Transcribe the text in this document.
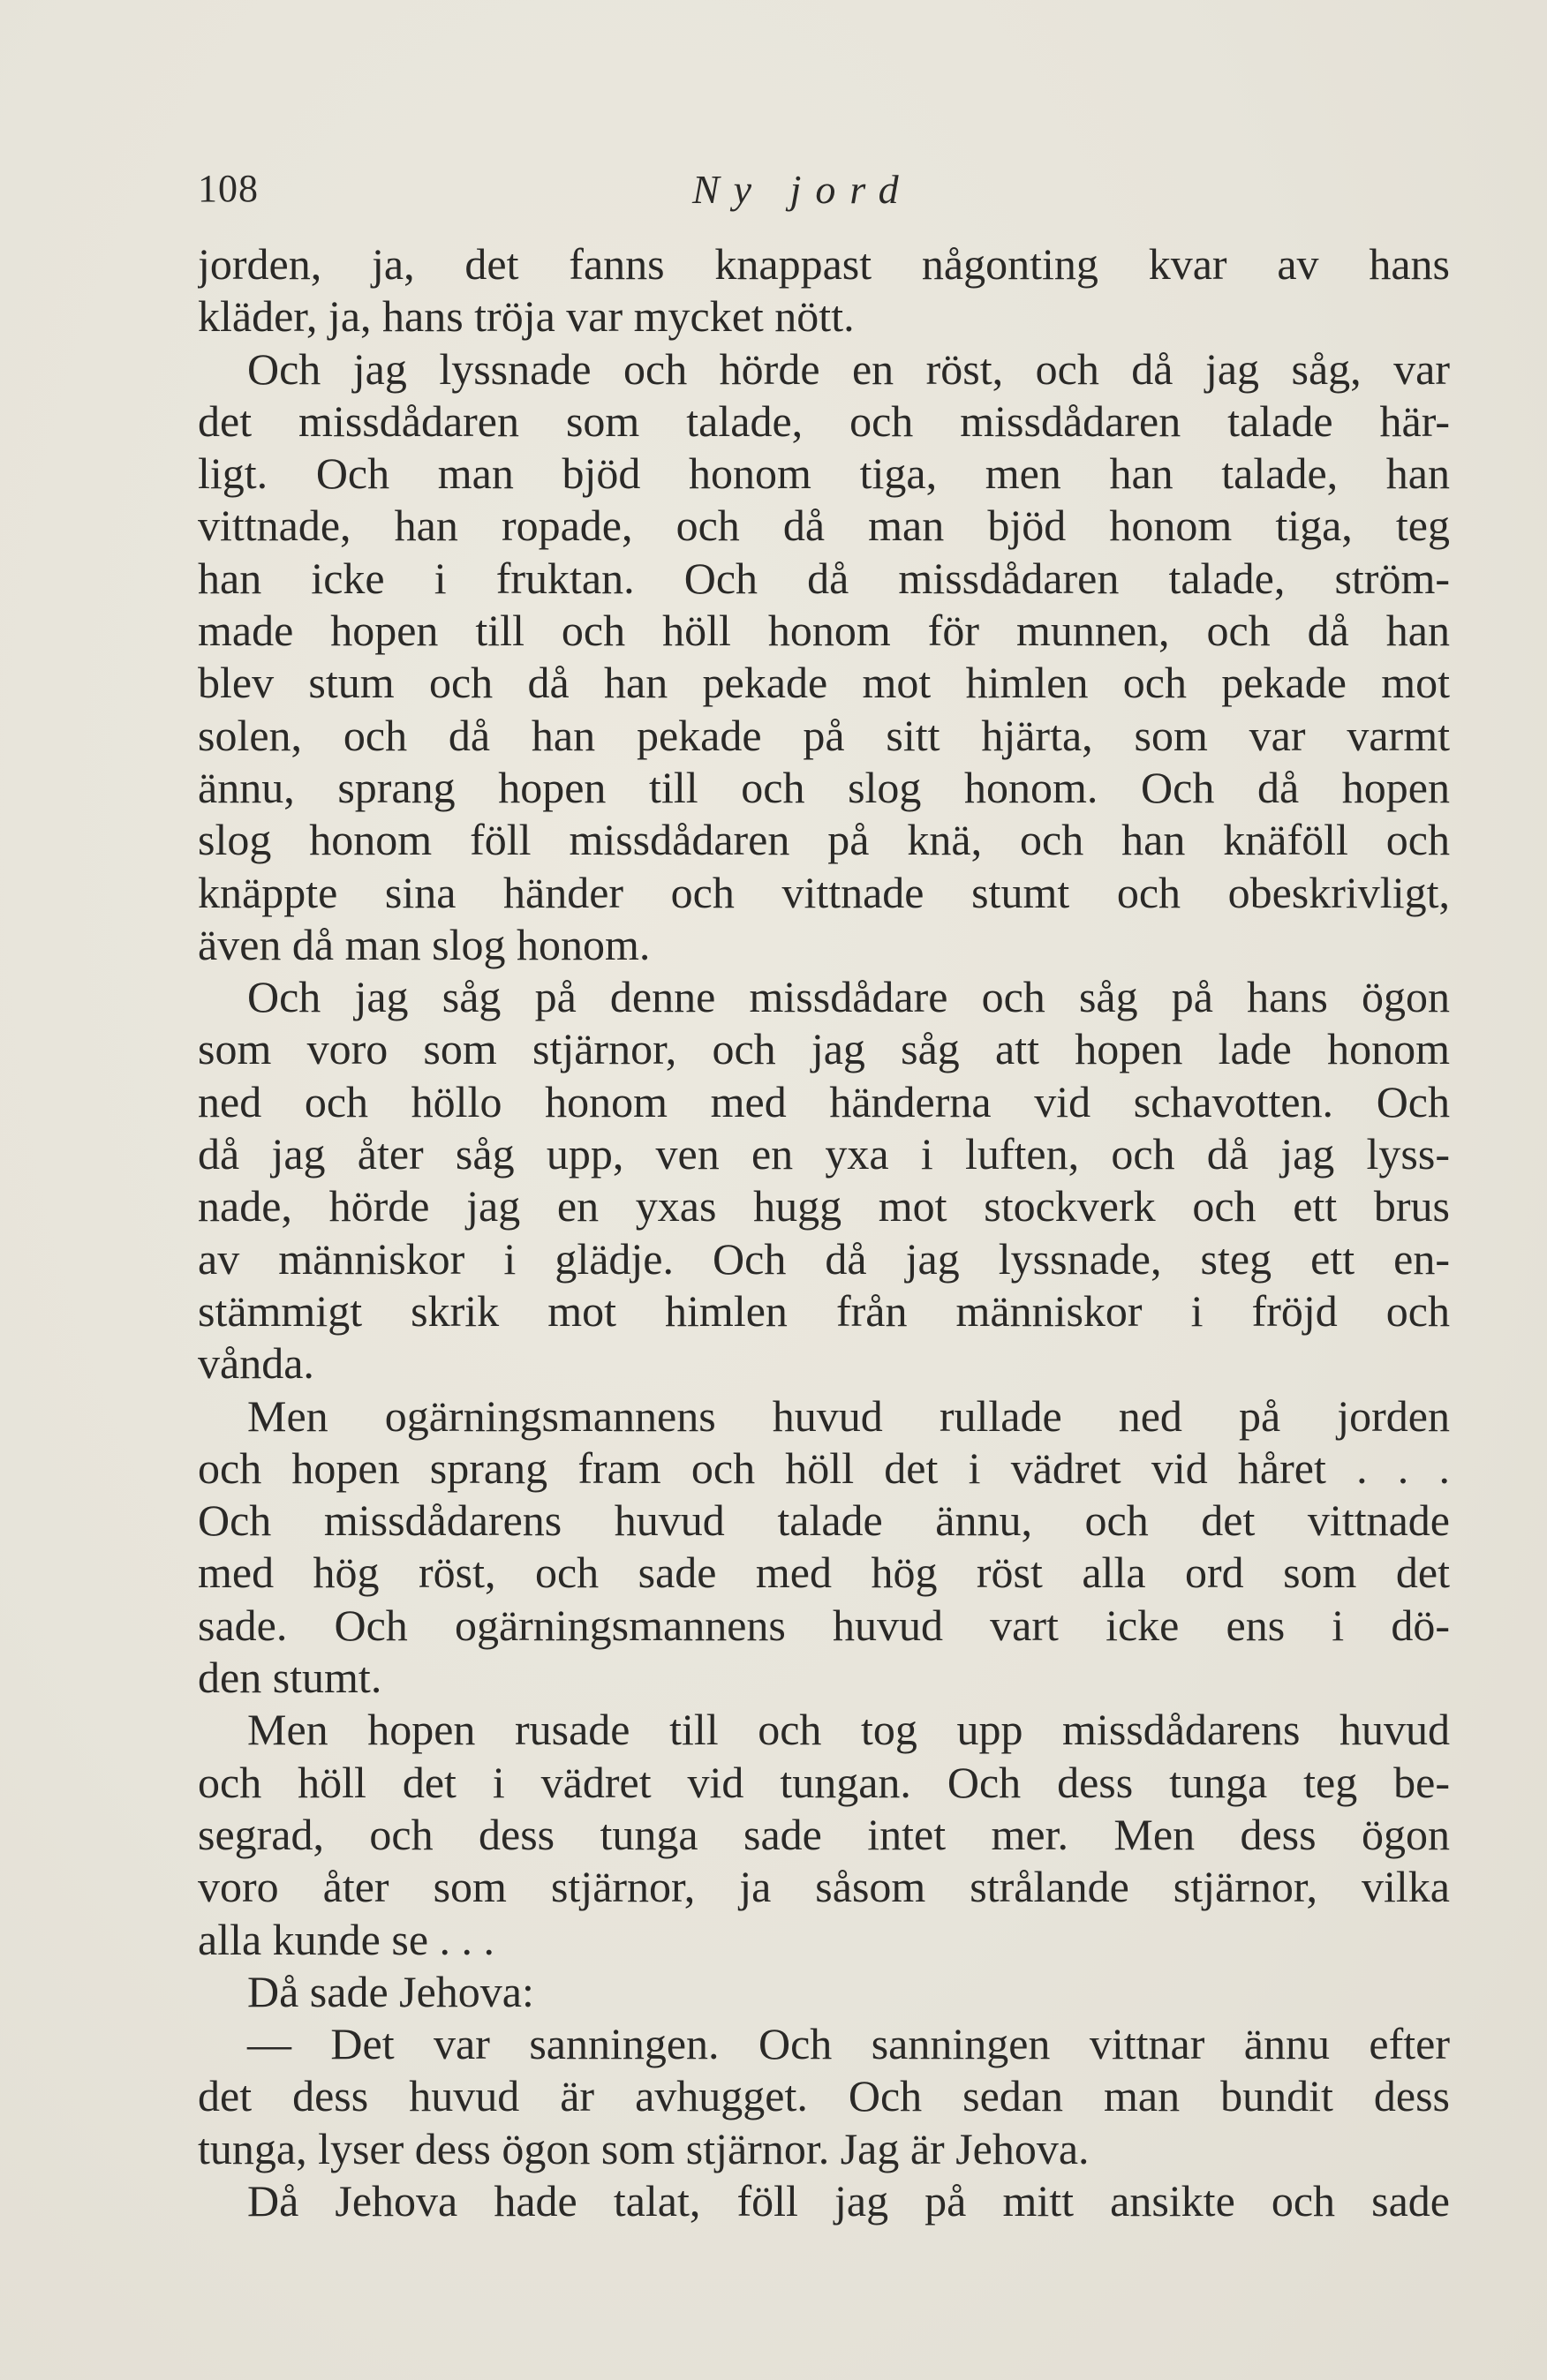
108	Ny jord
jorden, ja, det fanns knappast någonting kvar av hans
kläder, ja, hans tröja var mycket nött.
Och jag lyssnade och hörde en röst, och då jag såg, var
det missdådaren som talade, och missdådaren talade här-
ligt. Och man bjöd honom tiga, men han talade, han
vittnade, han ropade, och då man bjöd honom tiga, teg
han icke i fruktan. Och då missdådaren talade, ström-
made hopen till och höll honom för munnen, och då han
blev stum och då han pekade mot himlen och pekade mot
solen, och då han pekade på sitt hjärta, som var varmt
ännu, sprang hopen till och slog honom. Och då hopen
slog honom föll missdådaren på knä, och han knäföll och
knäppte sina händer och vittnade stumt och obeskrivligt,
även då man slog honom.
Och jag såg på denne missdådare och såg på hans ögon
som voro som stjärnor, och jag såg att hopen lade honom
ned och höllo honom med händerna vid schavotten. Och
då jag åter såg upp, ven en yxa i luften, och då jag lyss-
nade, hörde jag en yxas hugg mot stockverk och ett brus
av människor i glädje. Och då jag lyssnade, steg ett en-
stämmigt skrik mot himlen från människor i fröjd och
vånda.
Men ogärningsmannens huvud rullade ned på jorden
och hopen sprang fram och höll det i vädret vid håret . . .
Och missdådarens huvud talade ännu, och det vittnade
med hög röst, och sade med hög röst alla ord som det
sade. Och ogärningsmannens huvud vart icke ens i dö-
den stumt.
Men hopen rusade till och tog upp missdådarens huvud
och höll det i vädret vid tungan. Och dess tunga teg be-
segrad, och dess tunga sade intet mer. Men dess ögon
voro åter som stjärnor, ja såsom strålande stjärnor, vilka
alla kunde se . . .
Då sade Jehova:
— Det var sanningen. Och sanningen vittnar ännu efter
det dess huvud är avhugget. Och sedan man bundit dess
tunga, lyser dess ögon som stjärnor. Jag är Jehova.
Då Jehova hade talat, föll jag på mitt ansikte och sade
